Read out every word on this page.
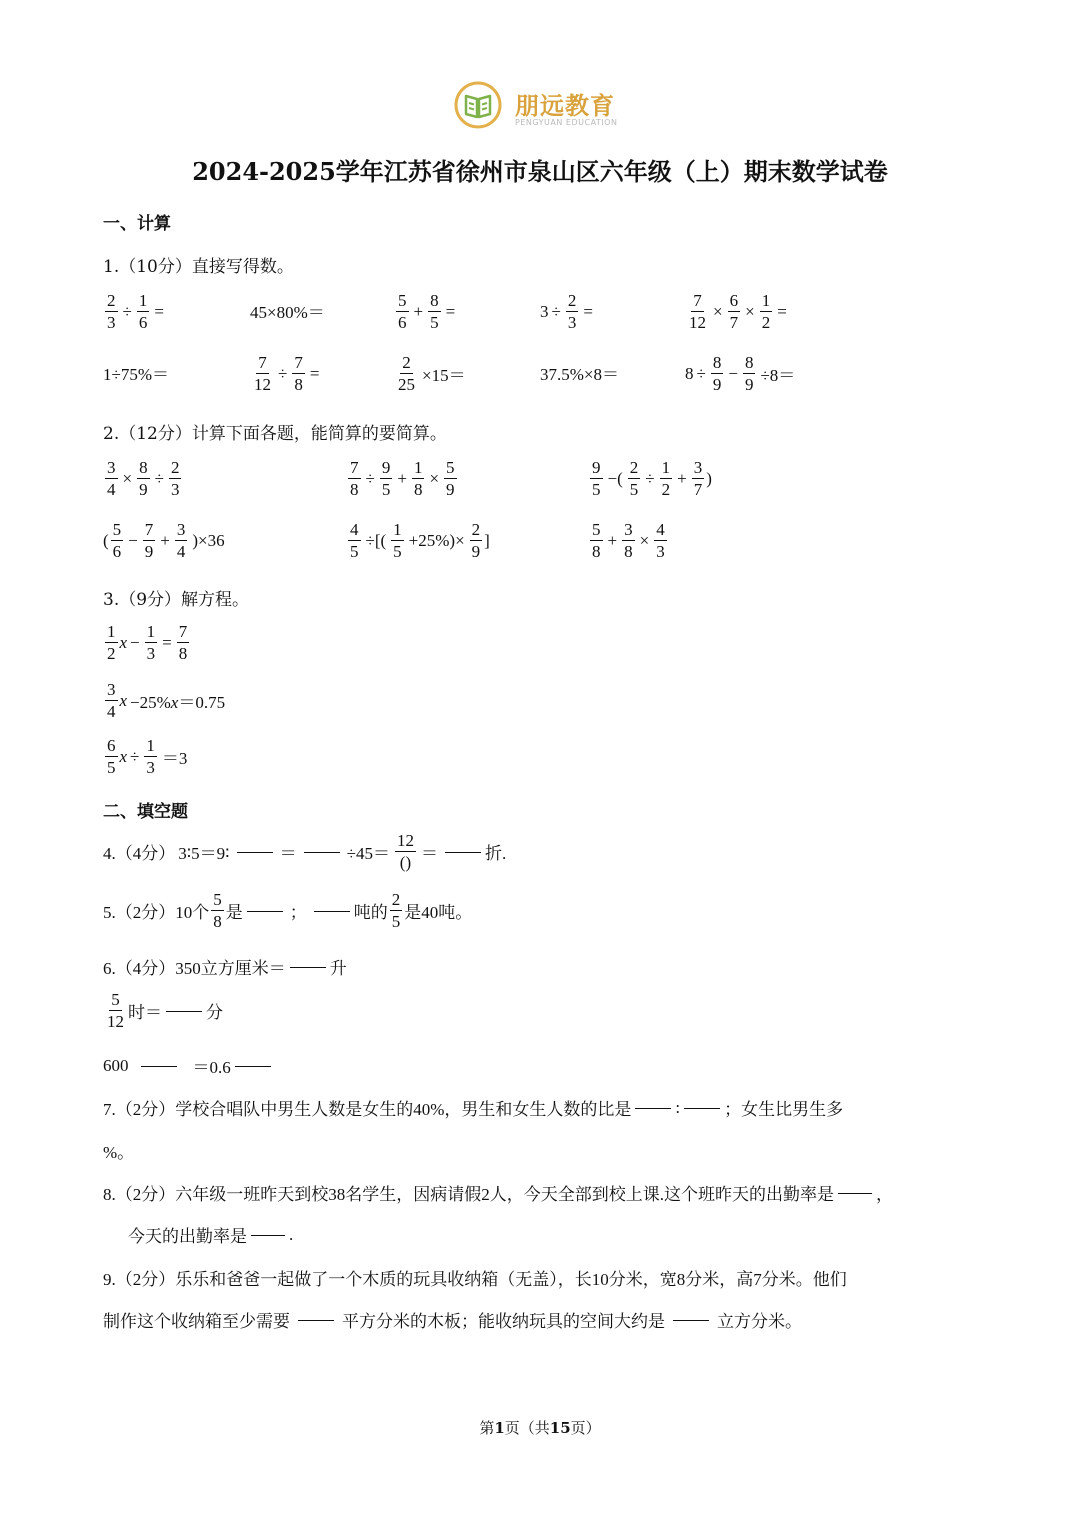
朋远教育
PENGYUAN EDUCATION
2024-2025学年江苏省徐州市泉山区六年级（上）期末数学试卷
一、计算
1.（10分）直接写得数。
$\frac{2}{3} \div \frac{1}{6}$ =	45×80%＝	$\frac{5}{6} + \frac{8}{5}$ =	$3 \div \frac{2}{3}$ =	$\frac{7}{12} \times \frac{6}{7} \times \frac{1}{2}$ =
1÷75%＝	$\frac{7}{12} \div \frac{7}{8}$ =	$\frac{2}{25} \times 15=$	37.5%×8＝	$8 \div \frac{8}{9} - \frac{8}{9} \div 8=$
2.（12分）计算下面各题，能简算的要简算。
$\frac{3}{4} \times \frac{8}{9} \div \frac{2}{3}$	$\frac{7}{8} \div \frac{9}{5} + \frac{1}{8} \times \frac{5}{9}$	$\frac{9}{5}$ −( $\frac{2}{5} \div \frac{1}{2} + \frac{3}{7}$ )
( $\frac{5}{6} - \frac{7}{9} + \frac{3}{4} )\times 36$	$\frac{4}{5}$ ÷[( $\frac{1}{5} +25\%)\times \frac{2}{9}$ ]	$\frac{5}{8} + \frac{3}{8} \times \frac{4}{3}$
3.（9分）解方程。
$\frac{1}{2}$ $x - \frac{1}{3} = \frac{7}{8}$
$\frac{3}{4}$ x −25%x＝0.75
$\frac{6}{5}$ $x \div \frac{1}{3} =3$
二、填空题
4.（4分） 3∶5＝9∶	＝	$\div 45= \frac{12}{()}$ ＝	折.
5.（2分） 10个 $\frac{5}{8}$ 是	；	吨的 $\frac{2}{5}$ 是40吨。
6.（4分） 350立方厘米＝	升
$\frac{5}{12}$ 时＝	分
600	＝0.6
7.（2分）学校合唱队中男生人数是女生的40%，男生和女生人数的比是	:	；女生比男生多
%。
8.（2分）六年级一班昨天到校38名学生，因病请假2人，今天全部到校上课.这个班昨天的出勤率是 ，
今天的出勤率是 .
9.（2分）乐乐和爸爸一起做了一个木质的玩具收纳箱（无盖），长10分米，宽8分米，高7分米。他们
制作这个收纳箱至少需要	平方分米的木板；能收纳玩具的空间大约是	立方分米。
第1页（共15页）
